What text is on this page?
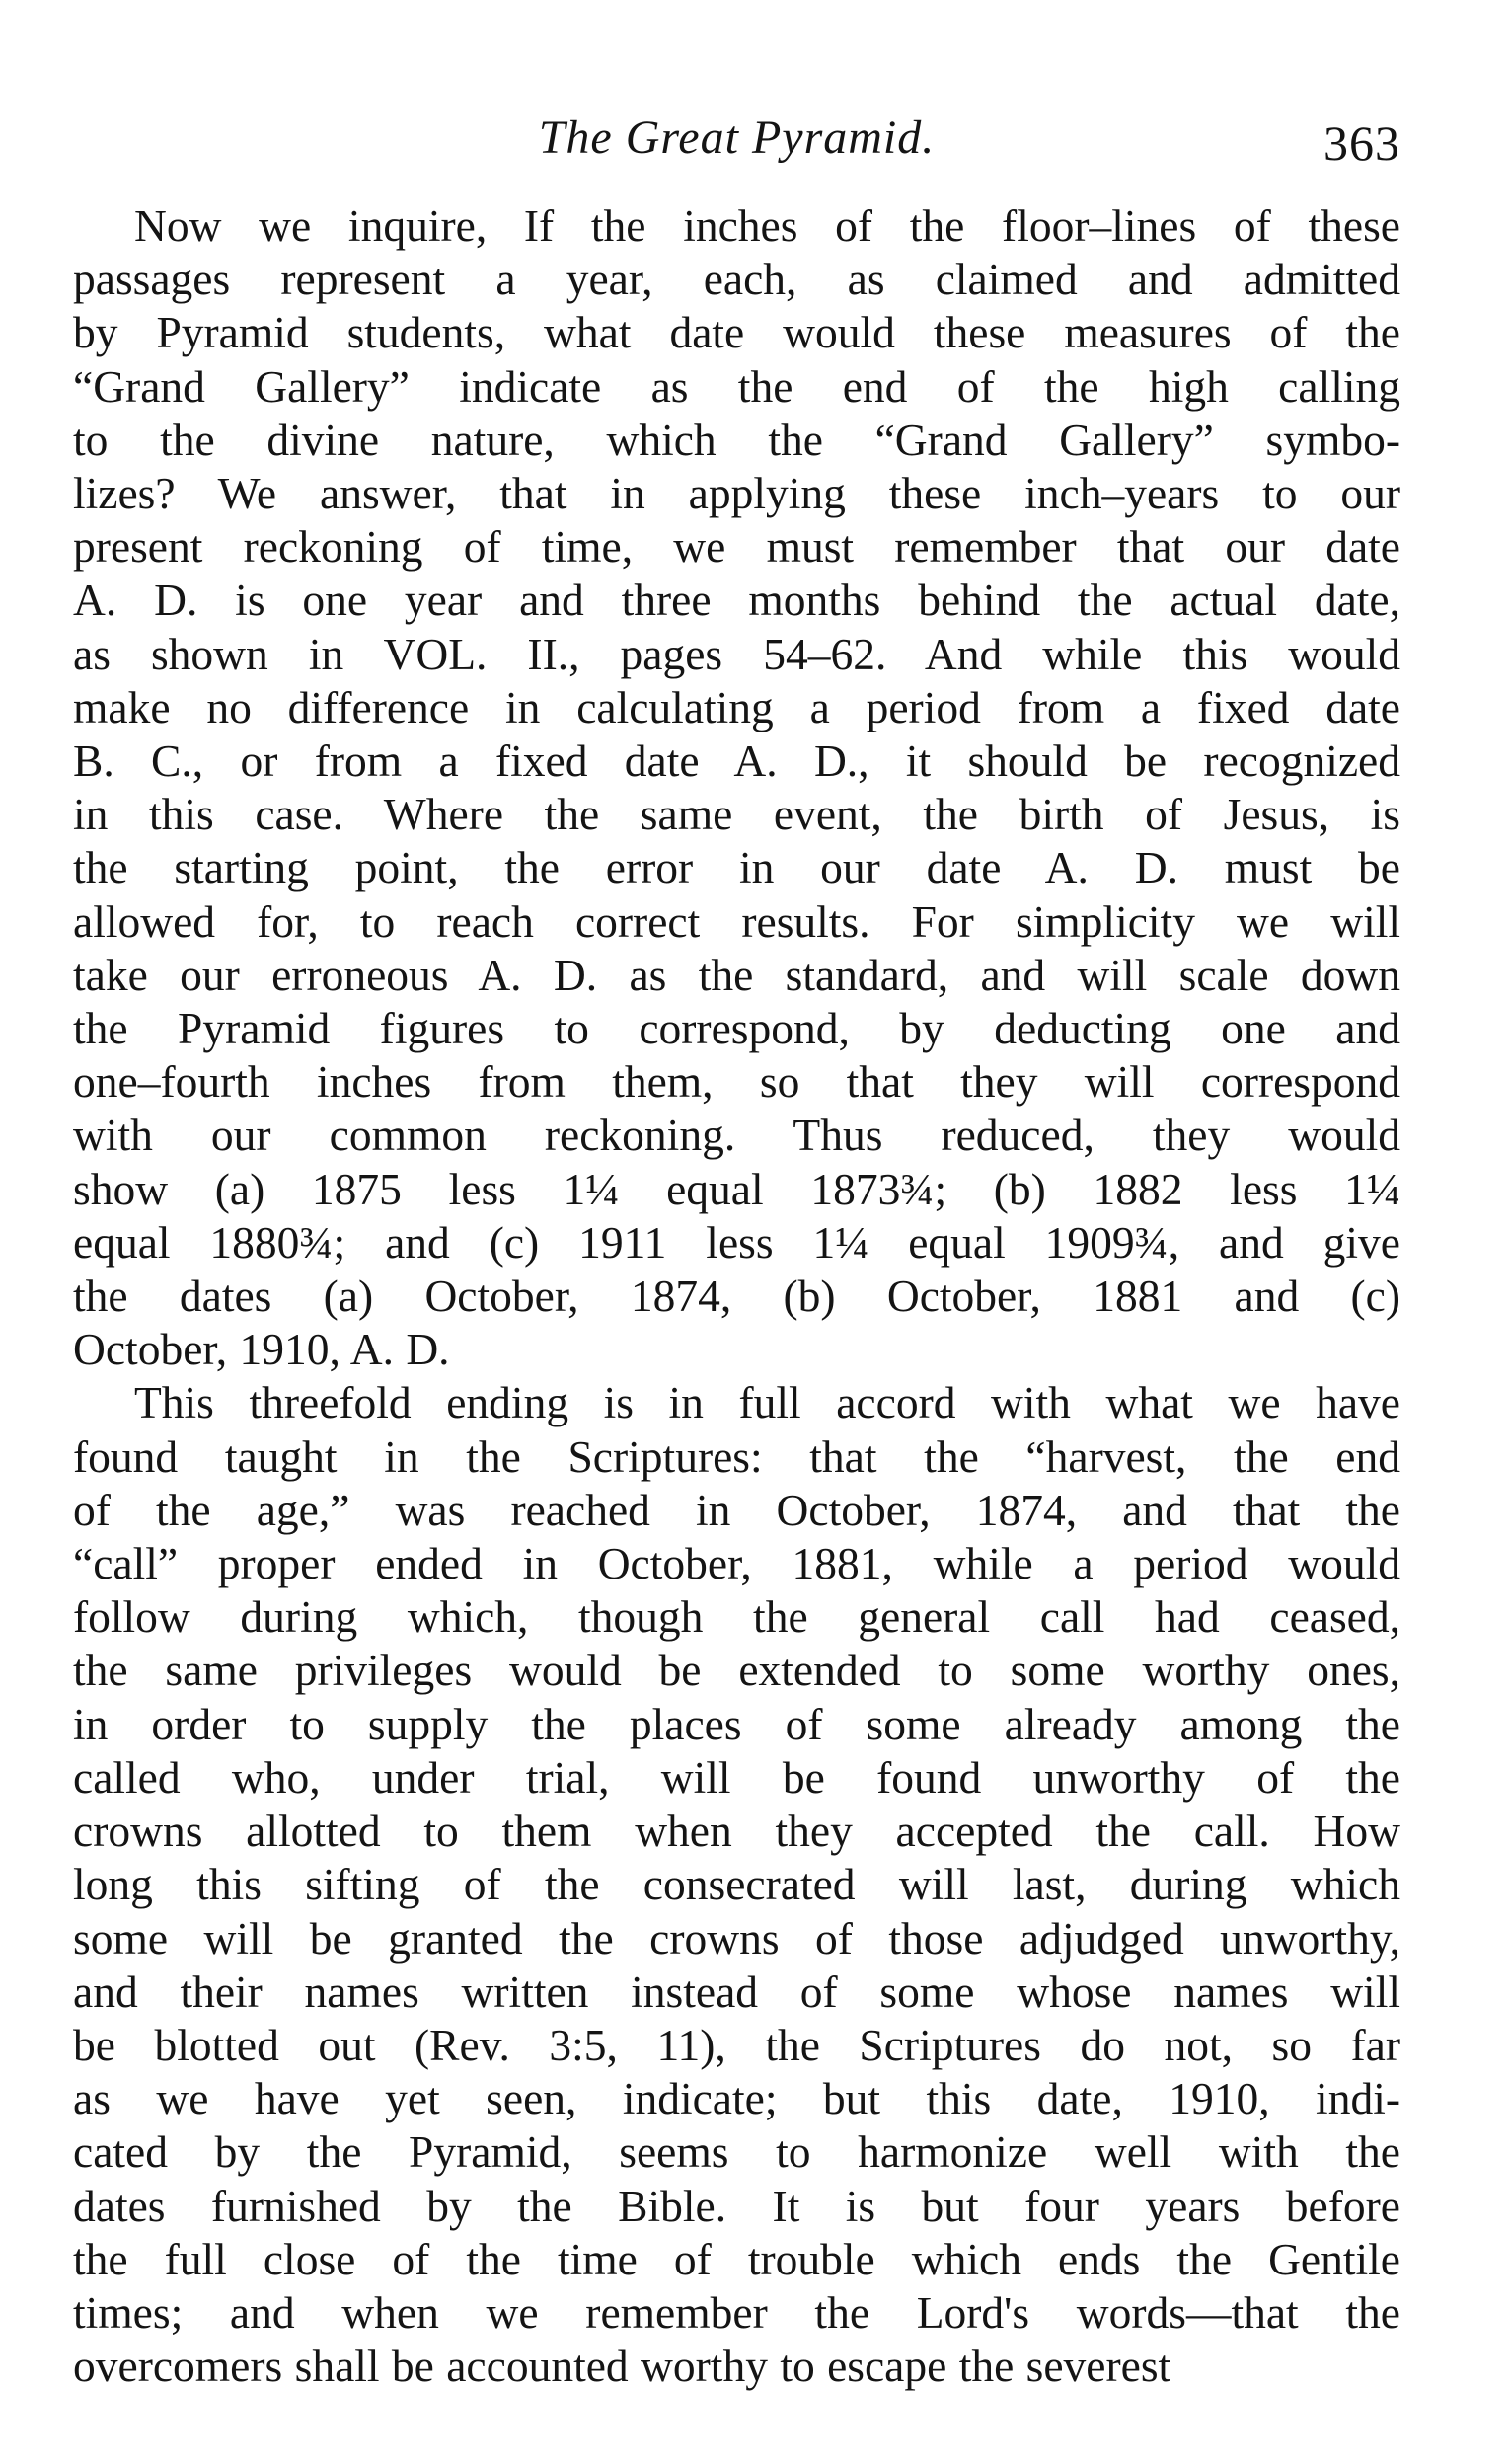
The Great Pyramid.	363

Now we inquire, If the inches of the floor–lines of these
passages represent a year, each, as claimed and admitted
by Pyramid students, what date would these measures of the
“Grand Gallery” indicate as the end of the high calling
to the divine nature, which the “Grand Gallery” symbo-
lizes? We answer, that in applying these inch–years to our
present reckoning of time, we must remember that our date
A. D. is one year and three months behind the actual date,
as shown in VOL. II., pages 54–62. And while this would
make no difference in calculating a period from a fixed date
B. C., or from a fixed date A. D., it should be recognized
in this case. Where the same event, the birth of Jesus, is
the starting point, the error in our date A. D. must be
allowed for, to reach correct results. For simplicity we will
take our erroneous A. D. as the standard, and will scale down
the Pyramid figures to correspond, by deducting one and
one–fourth inches from them, so that they will correspond
with our common reckoning. Thus reduced, they would
show (a) 1875 less 1¼ equal 1873¾; (b) 1882 less 1¼
equal 1880¾; and (c) 1911 less 1¼ equal 1909¾, and give
the dates (a) October, 1874, (b) October, 1881 and (c)
October, 1910, A. D.

This threefold ending is in full accord with what we have
found taught in the Scriptures: that the “harvest, the end
of the age,” was reached in October, 1874, and that the
“call” proper ended in October, 1881, while a period would
follow during which, though the general call had ceased,
the same privileges would be extended to some worthy ones,
in order to supply the places of some already among the
called who, under trial, will be found unworthy of the
crowns allotted to them when they accepted the call. How
long this sifting of the consecrated will last, during which
some will be granted the crowns of those adjudged unworthy,
and their names written instead of some whose names will
be blotted out (Rev. 3:5, 11), the Scriptures do not, so far
as we have yet seen, indicate; but this date, 1910, indi-
cated by the Pyramid, seems to harmonize well with the
dates furnished by the Bible. It is but four years before
the full close of the time of trouble which ends the Gentile
times; and when we remember the Lord's words—that the
overcomers shall be accounted worthy to escape the severest
